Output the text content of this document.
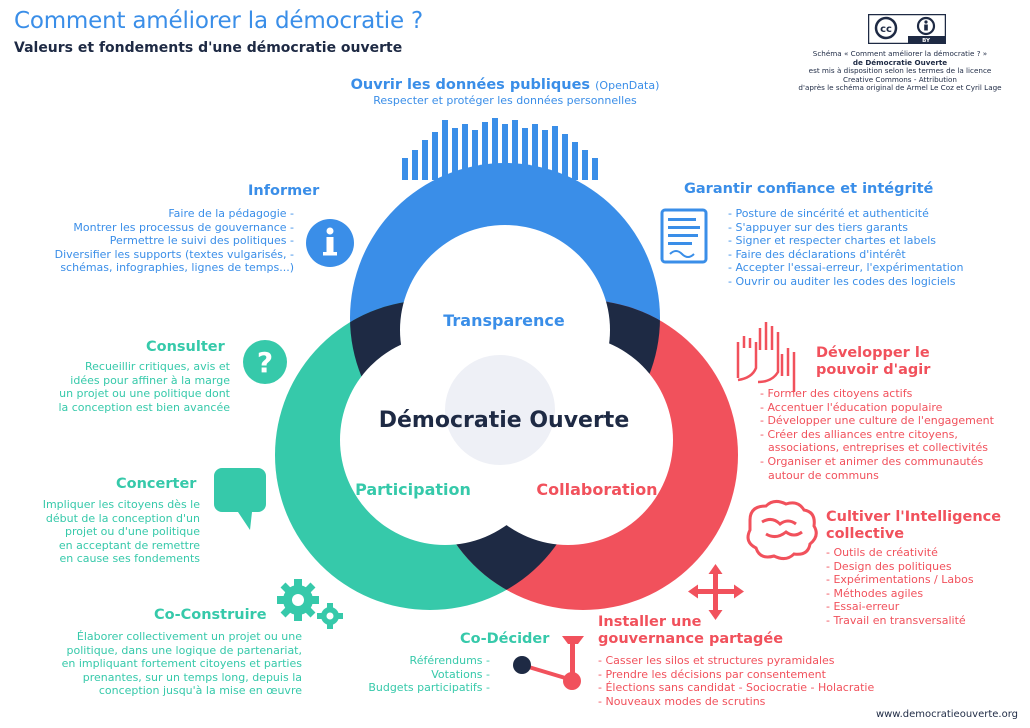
Comment améliorer la démocratie ?
Valeurs et fondements d'une démocratie ouverte
cc
BY
Schéma « Comment améliorer la démocratie ? »
de Démocratie Ouverte
est mis à disposition selon les termes de la licence
Creative Commons - Attribution
d'après le schéma original de Armel Le Coz et Cyril Lage
Démocratie Ouverte
Transparence
Participation	Collaboration
?
Ouvrir les données publiques (OpenData)
Respecter et protéger les données personnelles
Informer
Faire de la pédagogie -
Montrer les processus de gouvernance -
Permettre le suivi des politiques -
Diversifier les supports (textes vulgarisés, -
schémas, infographies, lignes de temps...)
Garantir confiance et intégrité
- Posture de sincérité et authenticité
- S'appuyer sur des tiers garants
- Signer et respecter chartes et labels
- Faire des déclarations d'intérêt
- Accepter l'essai-erreur, l'expérimentation
- Ouvrir ou auditer les codes des logiciels
Consulter
Recueillir critiques, avis et
idées pour affiner à la marge
un projet ou une politique dont
la conception est bien avancée
Développer le
pouvoir d'agir
- Former des citoyens actifs
- Accentuer l'éducation populaire
- Développer une culture de l'engagement
- Créer des alliances entre citoyens,
associations, entreprises et collectivités
- Organiser et animer des communautés
autour de communs
Concerter
Impliquer les citoyens dès le
début de la conception d'un
projet ou d'une politique
en acceptant de remettre
en cause ses fondements
Cultiver l'Intelligence
collective
- Outils de créativité
- Design des politiques
- Expérimentations / Labos
- Méthodes agiles
- Essai-erreur
- Travail en transversalité
Co-Construire
Élaborer collectivement un projet ou une
politique, dans une logique de partenariat,
en impliquant fortement citoyens et parties
prenantes, sur un temps long, depuis la
conception jusqu'à la mise en œuvre
Co-Décider
Référendums -
Votations -
Budgets participatifs -
Installer une
gouvernance partagée
- Casser les silos et structures pyramidales
- Prendre les décisions par consentement
- Élections sans candidat - Sociocratie - Holacratie
- Nouveaux modes de scrutins
www.democratieouverte.org
